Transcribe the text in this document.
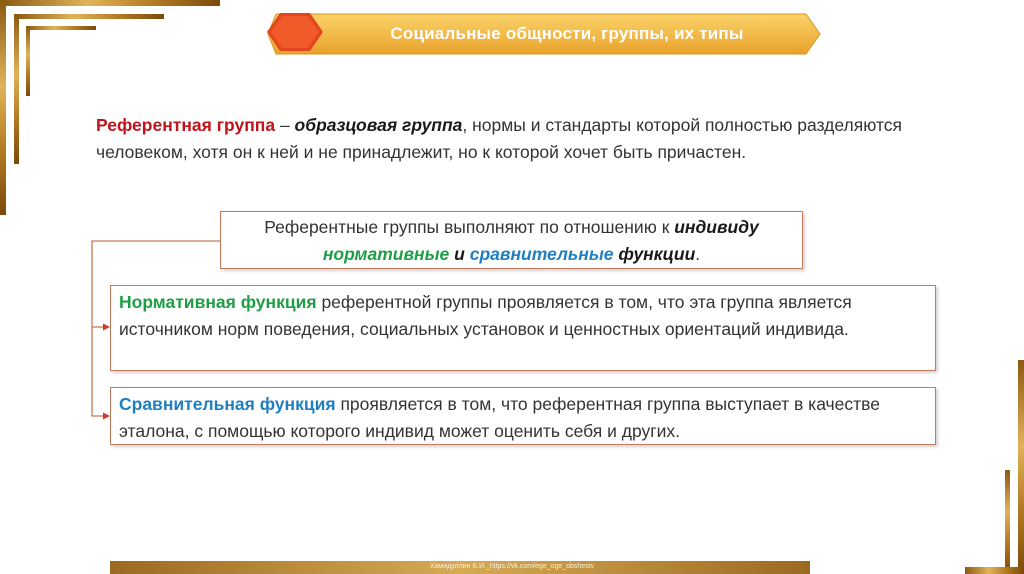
Социальные общности, группы, их типы
Референтная группа – образцовая группа, нормы и стандарты которой полностью разделяются человеком, хотя он к ней и не принадлежит, но к которой хочет быть причастен.
Референтные группы выполняют по отношению к индивиду
нормативные и сравнительные функции.
Нормативная функция референтной группы проявляется в том, что эта группа является источником норм поведения, социальных установок и ценностных ориентаций индивида.
Сравнительная функция проявляется в том, что референтная группа выступает в качестве эталона, с помощью которого индивид может оценить себя и других.
Хамидуллин Б.И._https://vk.com/ege_oge_obshestv
